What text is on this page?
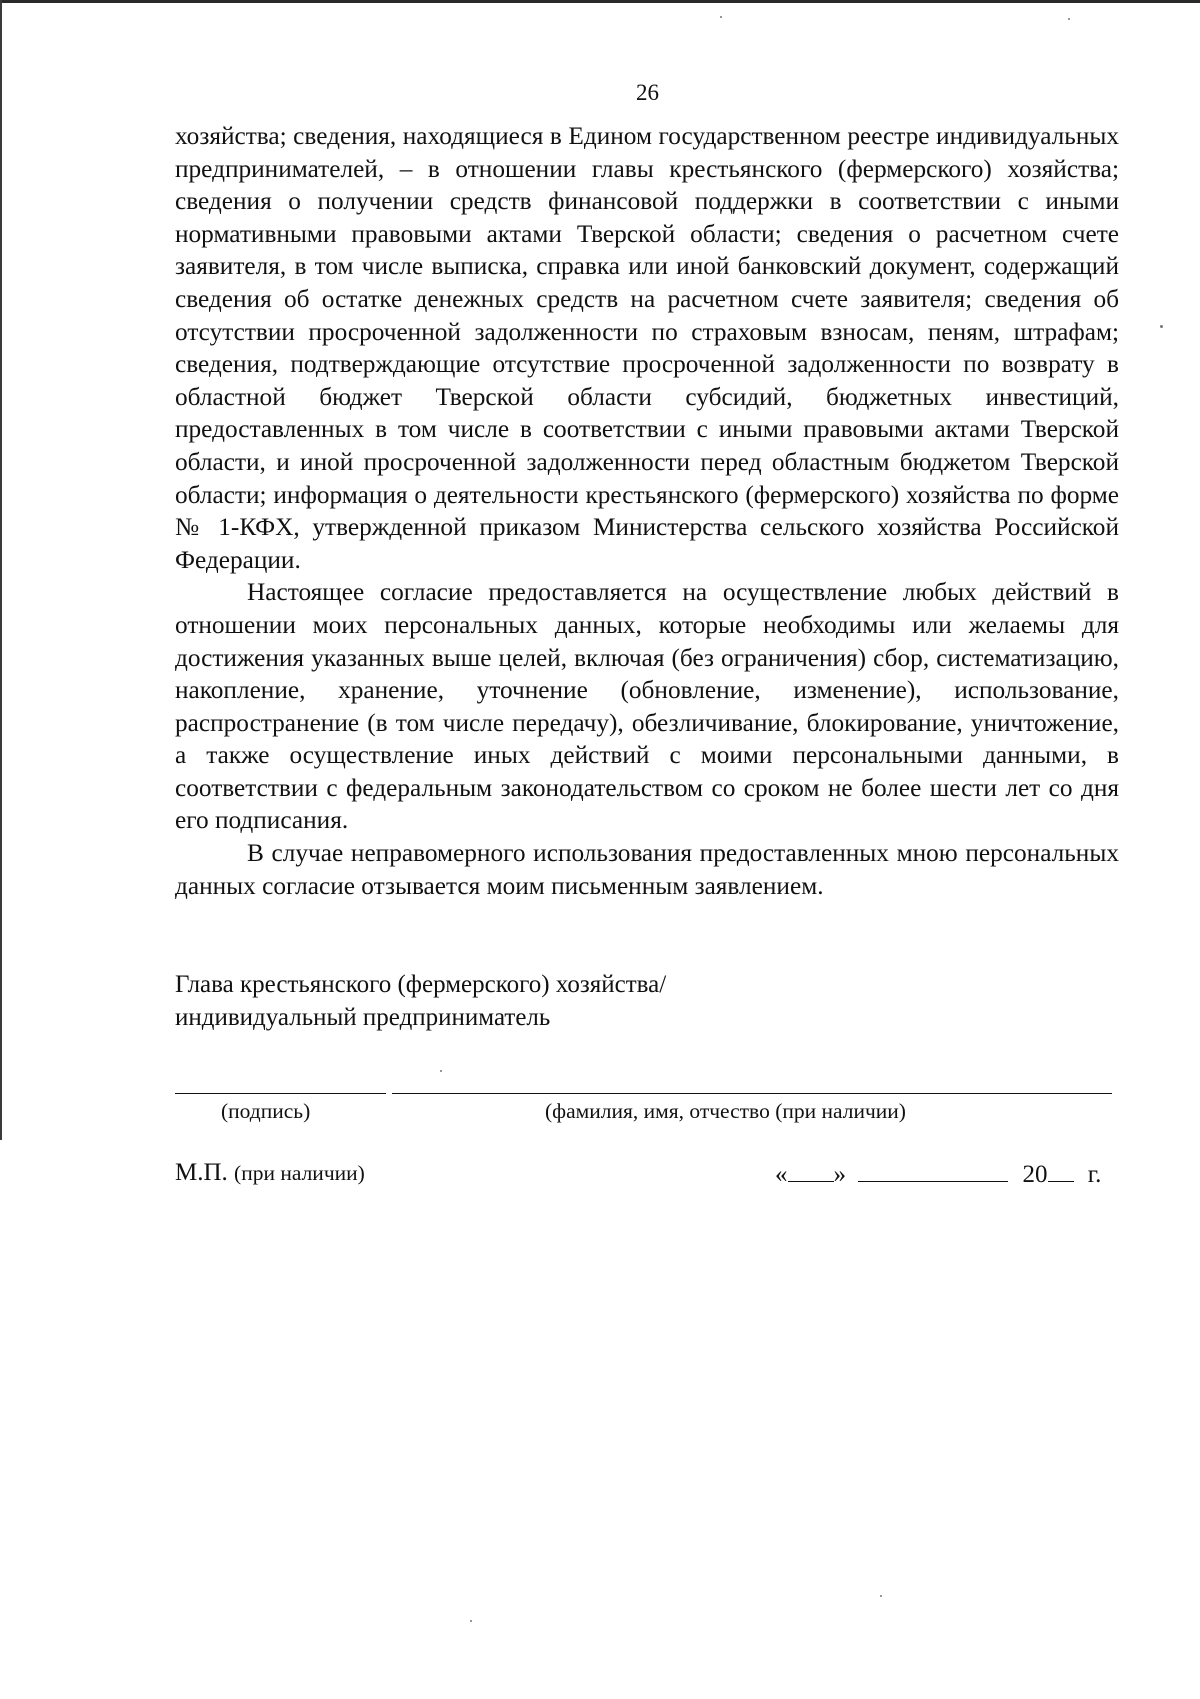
26

хозяйства; сведения, находящиеся в Едином государственном реестре индивидуальных предпринимателей, – в отношении главы крестьянского (фермерского) хозяйства; сведения о получении средств финансовой поддержки в соответствии с иными нормативными правовыми актами Тверской области; сведения о расчетном счете заявителя, в том числе выписка, справка или иной банковский документ, содержащий сведения об остатке денежных средств на расчетном счете заявителя; сведения об отсутствии просроченной задолженности по страховым взносам, пеням, штрафам; сведения, подтверждающие отсутствие просроченной задолженности по возврату в областной бюджет Тверской области субсидий, бюджетных инвестиций, предоставленных в том числе в соответствии с иными правовыми актами Тверской области, и иной просроченной задолженности перед областным бюджетом Тверской области; информация о деятельности крестьянского (фермерского) хозяйства по форме № 1-КФХ, утвержденной приказом Министерства сельского хозяйства Российской Федерации.

Настоящее согласие предоставляется на осуществление любых действий в отношении моих персональных данных, которые необходимы или желаемы для достижения указанных выше целей, включая (без ограничения) сбор, систематизацию, накопление, хранение, уточнение (обновление, изменение), использование, распространение (в том числе передачу), обезличивание, блокирование, уничтожение, а также осуществление иных действий с моими персональными данными, в соответствии с федеральным законодательством со сроком не более шести лет со дня его подписания.

В случае неправомерного использования предоставленных мною персональных данных согласие отзывается моим письменным заявлением.

Глава крестьянского (фермерского) хозяйства/
индивидуальный предприниматель
(подпись)	(фамилия, имя, отчество (при наличии)
М.П. (при наличии)	« »	20 г.
